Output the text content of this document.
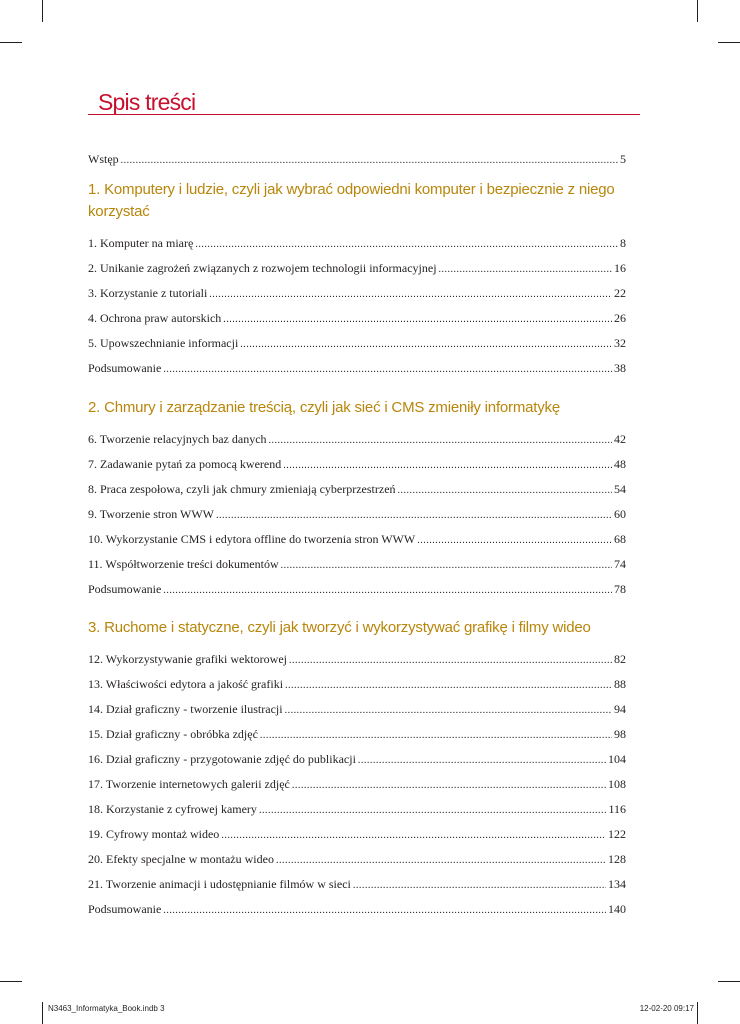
Spis treści
Wstęp .....	5
1. Komputery i ludzie, czyli jak wybrać odpowiedni komputer i bezpiecznie z niego korzystać
1. Komputer na miarę .....	8
2. Unikanie zagrożeń związanych z rozwojem technologii informacyjnej .....	16
3. Korzystanie z tutoriali .....	22
4. Ochrona praw autorskich .....	26
5. Upowszechnianie informacji .....	32
Podsumowanie .....	38
2. Chmury i zarządzanie treścią, czyli jak sieć i CMS zmieniły informatykę
6. Tworzenie relacyjnych baz danych .....	42
7. Zadawanie pytań za pomocą kwerend .....	48
8. Praca zespołowa, czyli jak chmury zmieniają cyberprzestrzeń .....	54
9. Tworzenie stron WWW .....	60
10. Wykorzystanie CMS i edytora offline do tworzenia stron WWW .....	68
11. Współtworzenie treści dokumentów .....	74
Podsumowanie .....	78
3. Ruchome i statyczne, czyli jak tworzyć i wykorzystywać grafikę i filmy wideo
12. Wykorzystywanie grafiki wektorowej .....	82
13. Właściwości edytora a jakość grafiki .....	88
14. Dział graficzny - tworzenie ilustracji .....	94
15. Dział graficzny - obróbka zdjęć .....	98
16. Dział graficzny - przygotowanie zdjęć do publikacji .....	104
17. Tworzenie internetowych galerii zdjęć .....	108
18. Korzystanie z cyfrowej kamery .....	116
19. Cyfrowy montaż wideo .....	122
20. Efekty specjalne w montażu wideo .....	128
21. Tworzenie animacji i udostępnianie filmów w sieci .....	134
Podsumowanie .....	140
N3463_Informatyka_Book.indb 3	12-02-20 09:17
